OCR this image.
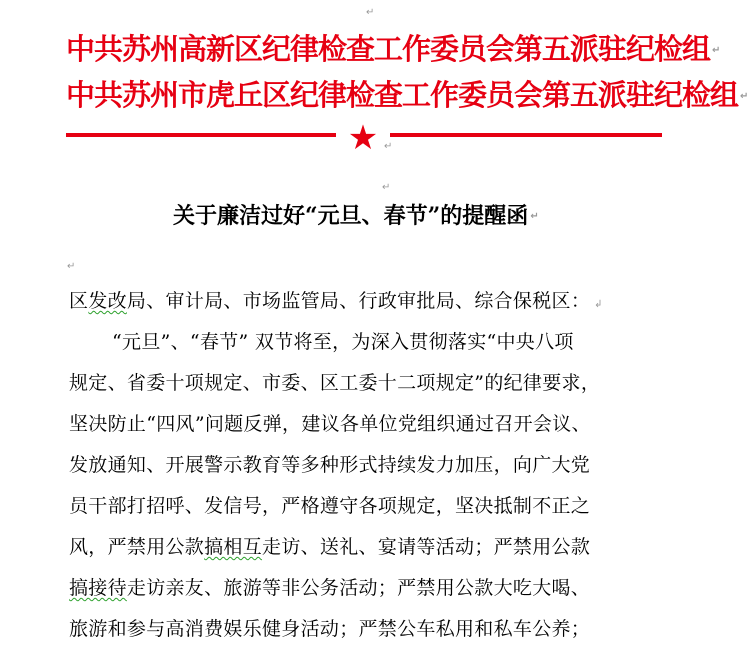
↵
中共苏州高新区纪律检查工作委员会第五派驻纪检组 ↵
中共苏州市虎丘区纪律检查工作委员会第五派驻纪检组 ↵
★ ↵
↵
关于廉洁过好“元旦、春节”的提醒函 ↵
↵
区发改局、审计局、市场监管局、行政审批局、综合保税区： ↲
“元旦”、“春节” 双节将至，为深入贯彻落实“中央八项
规定、省委十项规定、市委、区工委十二项规定”的纪律要求，
坚决防止“四风”问题反弹，建议各单位党组织通过召开会议、
发放通知、开展警示教育等多种形式持续发力加压，向广大党
员干部打招呼、发信号，严格遵守各项规定，坚决抵制不正之
风，严禁用公款搞相互走访、送礼、宴请等活动；严禁用公款
搞接待走访亲友、旅游等非公务活动；严禁用公款大吃大喝、
旅游和参与高消费娱乐健身活动；严禁公车私用和私车公养；
